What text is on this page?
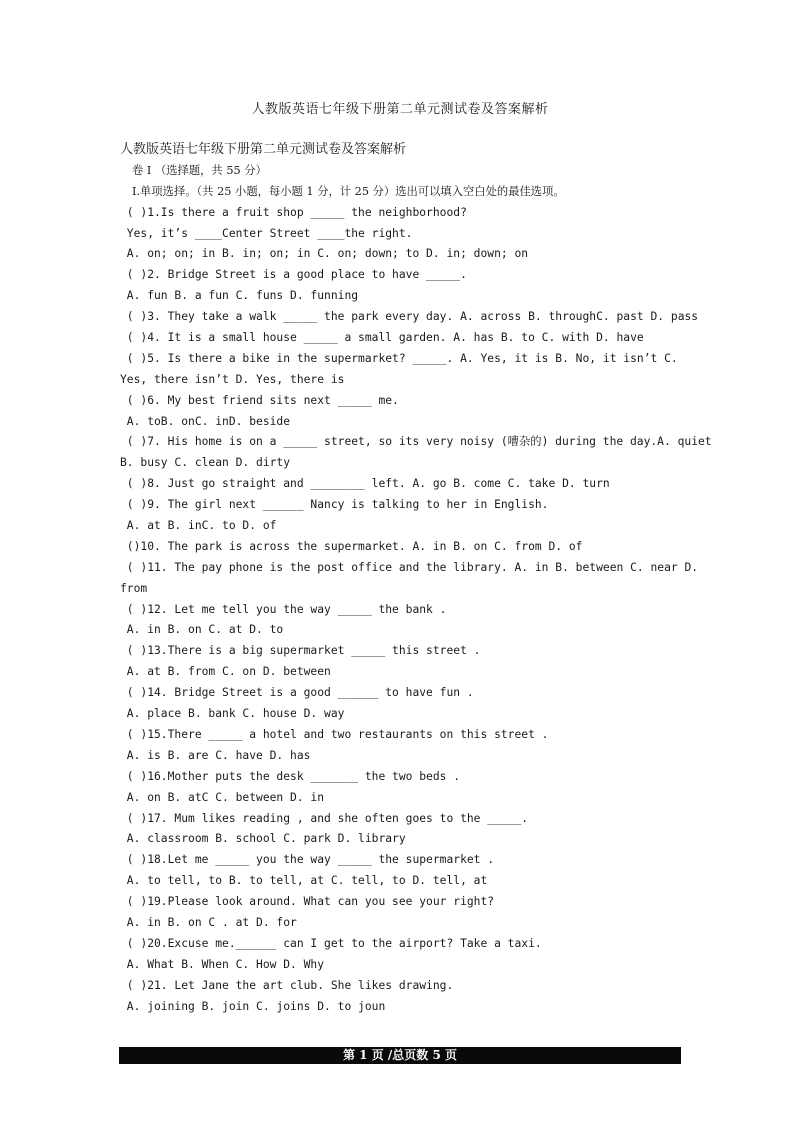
人教版英语七年级下册第二单元测试卷及答案解析
人教版英语七年级下册第二单元测试卷及答案解析
卷 I （选择题，共 55 分）
Ⅰ.单项选择。（共 25 小题，每小题 1 分，计 25 分）选出可以填入空白处的最佳选项。
( )1.Is there a fruit shop _____ the neighborhood?
Yes, it’s ____Center Street ____the right.
A. on; on; in B. in; on; in C. on; down; to D. in; down; on
( )2. Bridge Street is a good place to have _____.
A. fun B. a fun C. funs D. funning
( )3. They take a walk _____ the park every day. A. across B. throughC. past D. pass
( )4. It is a small house _____ a small garden. A. has B. to C. with D. have
( )5. Is there a bike in the supermarket? _____. A. Yes, it is B. No, it isn’t C.
Yes, there isn’t D. Yes, there is
( )6. My best friend sits next _____ me.
A. toB. onC. inD. beside
( )7. His home is on a _____ street, so its very noisy (嘈杂的) during the day.A. quiet
B. busy C. clean D. dirty
( )8. Just go straight and ________ left. A. go B. come C. take D. turn
( )9. The girl next ______ Nancy is talking to her in English.
A. at B. inC. to D. of
()10. The park is across the supermarket. A. in B. on C. from D. of
( )11. The pay phone is the post office and the library. A. in B. between C. near D.
from
( )12. Let me tell you the way _____ the bank .
A. in B. on C. at D. to
( )13.There is a big supermarket _____ this street .
A. at B. from C. on D. between
( )14. Bridge Street is a good ______ to have fun .
A. place B. bank C. house D. way
( )15.There _____ a hotel and two restaurants on this street .
A. is B. are C. have D. has
( )16.Mother puts the desk _______ the two beds .
A. on B. atC C. between D. in
( )17. Mum likes reading , and she often goes to the _____.
A. classroom B. school C. park D. library
( )18.Let me _____ you the way _____ the supermarket .
A. to tell, to B. to tell, at C. tell, to D. tell, at
( )19.Please look around. What can you see your right?
A. in B. on C . at D. for
( )20.Excuse me.______ can I get to the airport? Take a taxi.
A. What B. When C. How D. Why
( )21. Let Jane the art club. She likes drawing.
A. joining B. join C. joins D. to joun
第 1 页 /总页数 5 页
